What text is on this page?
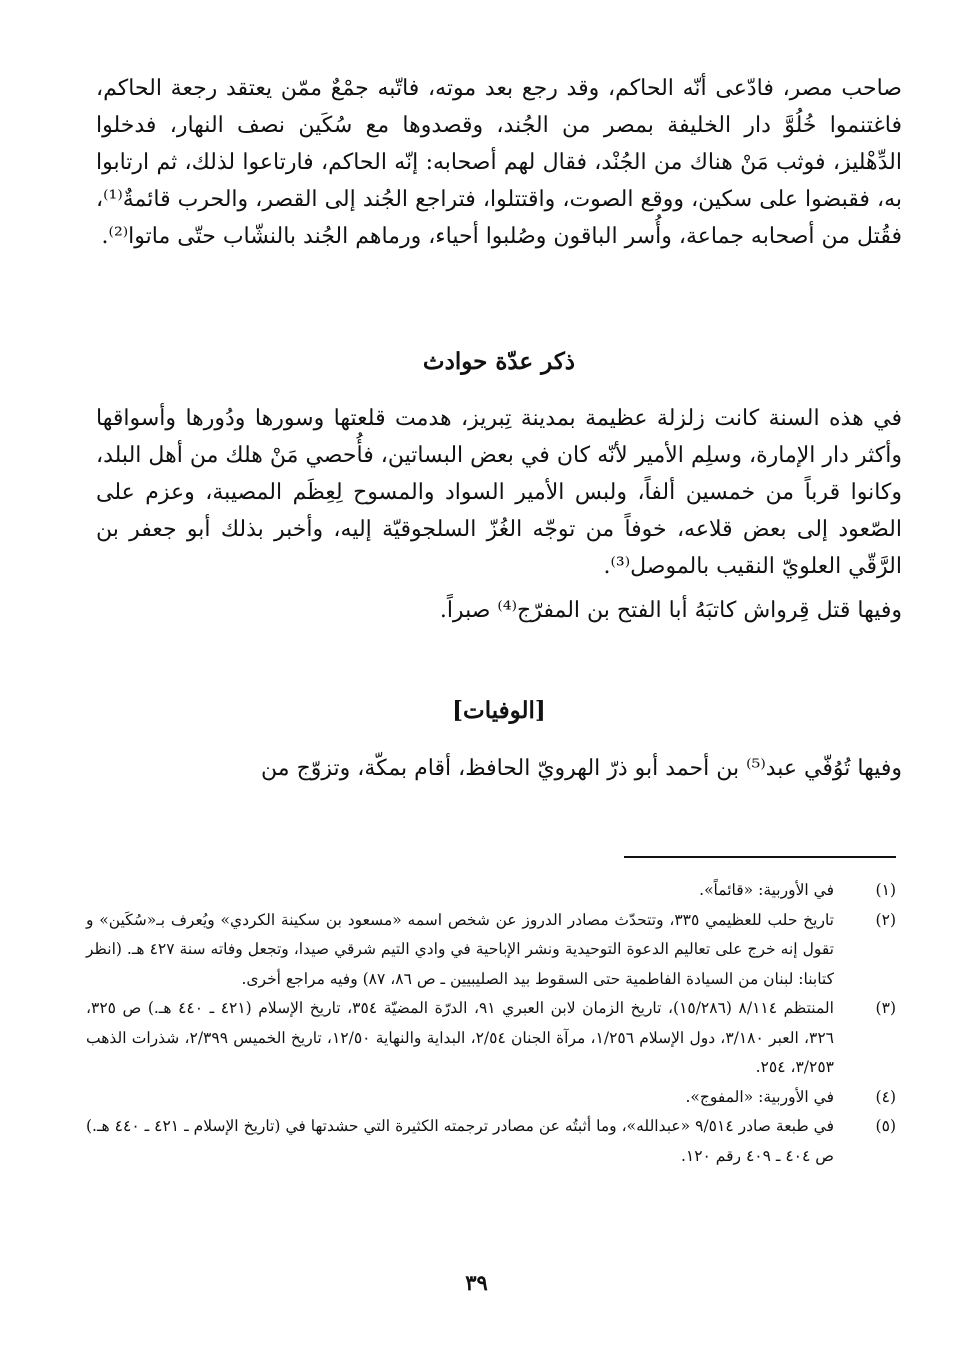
صاحب مصر، فادّعى أنّه الحاكم، وقد رجع بعد موته، فاتّبه جمْعٌ ممّن يعتقد رجعة الحاكم، فاغتنموا خُلُوَّ دار الخليفة بمصر من الجُند، وقصدوها مع سُكَين نصف النهار، فدخلوا الدِّهْليز، فوثب مَنْ هناك من الجُنْد، فقال لهم أصحابه: إنّه الحاكم، فارتاعوا لذلك، ثم ارتابوا به، فقبضوا على سكين، ووقع الصوت، واقتتلوا، فتراجع الجُند إلى القصر، والحرب قائمةٌ⁽¹⁾، فقُتل من أصحابه جماعة، وأُسر الباقون وصُلبوا أحياء، ورماهم الجُند بالنشّاب حتّى ماتوا⁽²⁾.

ذكر عدّة حوادث

في هذه السنة كانت زلزلة عظيمة بمدينة تِبريز، هدمت قلعتها وسورها ودُورها وأسواقها وأكثر دار الإمارة، وسلِم الأمير لأنّه كان في بعض البساتين، فأُحصي مَنْ هلك من أهل البلد، وكانوا قرباً من خمسين ألفاً، ولبس الأمير السواد والمسوح لِعِظَم المصيبة، وعزم على الصّعود إلى بعض قلاعه، خوفاً من توجّه الغُزّ السلجوقيّة إليه، وأخبر بذلك أبو جعفر بن الرَّقّي العلويّ النقيب بالموصل⁽³⁾.

وفيها قتل قِرواش كاتبَهُ أبا الفتح بن المفرّج⁽⁴⁾ صبراً.

[الوفيات]

وفيها تُوُفّي عبد⁽⁵⁾ بن أحمد أبو ذرّ الهرويّ الحافظ، أقام بمكّة، وتزوّج من

(١)
في الأوربية: «قائماً».
(٢)
تاريخ حلب للعظيمي ٣٣٥، وتتحدّث مصادر الدروز عن شخص اسمه «مسعود بن سكينة الكردي» ويُعرف بـ«سُكَين» و تقول إنه خرج على تعاليم الدعوة التوحيدية ونشر الإباحية في وادي التيم شرقي صيدا، وتجعل وفاته سنة ٤٢٧ هـ. (انظر كتابنا: لبنان من السيادة الفاطمية حتى السقوط بيد الصليبيين ـ ص ٨٦، ٨٧) وفيه مراجع أخرى.
(٣)
المنتظم ٨/١١٤ (١٥/٢٨٦)، تاريخ الزمان لابن العبري ٩١، الدرّة المضيّة ٣٥٤، تاريخ الإسلام (٤٢١ ـ ٤٤٠ هـ.) ص ٣٢٥، ٣٢٦، العبر ٣/١٨٠، دول الإسلام ١/٢٥٦، مرآة الجنان ٢/٥٤، البداية والنهاية ١٢/٥٠، تاريخ الخميس ٢/٣٩٩، شذرات الذهب ٣/٢٥٣، ٢٥٤.
(٤)
في الأوربية: «المفوج».
(٥)
في طبعة صادر ٩/٥١٤ «عبدالله»، وما أثبتُه عن مصادر ترجمته الكثيرة التي حشدتها في (تاريخ الإسلام ـ ٤٢١ ـ ٤٤٠ هـ.) ص ٤٠٤ ـ ٤٠٩ رقم ١٢٠.
٣٩
